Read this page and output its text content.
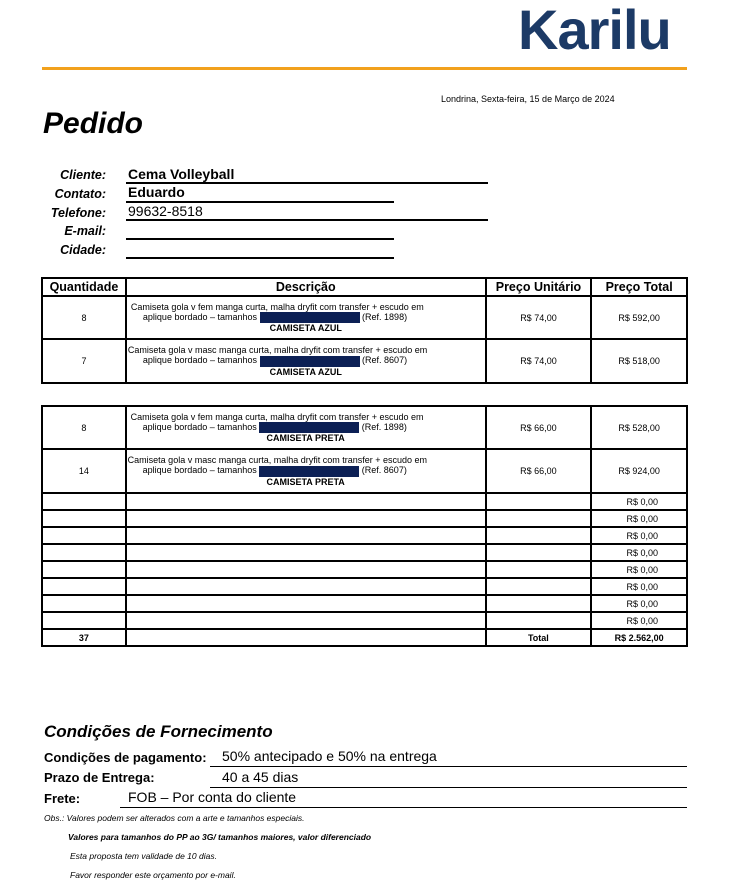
Karilu
Londrina, Sexta-feira, 15 de Março de 2024
Pedido
Cliente: Cema Volleyball
Contato: Eduardo
Telefone: 99632-8518
E-mail:
Cidade:
Quantidade	Descrição	Preço Unitário	Preço Total
8	Camiseta gola v fem manga curta, malha dryfit com transfer + escudo em
aplique bordado – tamanhos (Ref. 1898)
CAMISETA AZUL	R$ 74,00	R$ 592,00
7	Camiseta gola v masc manga curta, malha dryfit com transfer + escudo em
aplique bordado – tamanhos (Ref. 8607)
CAMISETA AZUL	R$ 74,00	R$ 518,00
8	Camiseta gola v fem manga curta, malha dryfit com transfer + escudo em
aplique bordado – tamanhos (Ref. 1898)
CAMISETA PRETA	R$ 66,00	R$ 528,00
14	Camiseta gola v masc manga curta, malha dryfit com transfer + escudo em
aplique bordado – tamanhos (Ref. 8607)
CAMISETA PRETA	R$ 66,00	R$ 924,00
			R$ 0,00
			R$ 0,00
			R$ 0,00
			R$ 0,00
			R$ 0,00
			R$ 0,00
			R$ 0,00
			R$ 0,00
37		Total	R$ 2.562,00
Condições de Fornecimento
Condições de pagamento: 50% antecipado e 50% na entrega
Prazo de Entrega:	40 a 45 dias
Frete:	FOB – Por conta do cliente
Obs.: Valores podem ser alterados com a arte e tamanhos especiais.
Valores para tamanhos do PP ao 3G/ tamanhos maiores, valor diferenciado
Esta proposta tem validade de 10 dias.
Favor responder este orçamento por e-mail.
